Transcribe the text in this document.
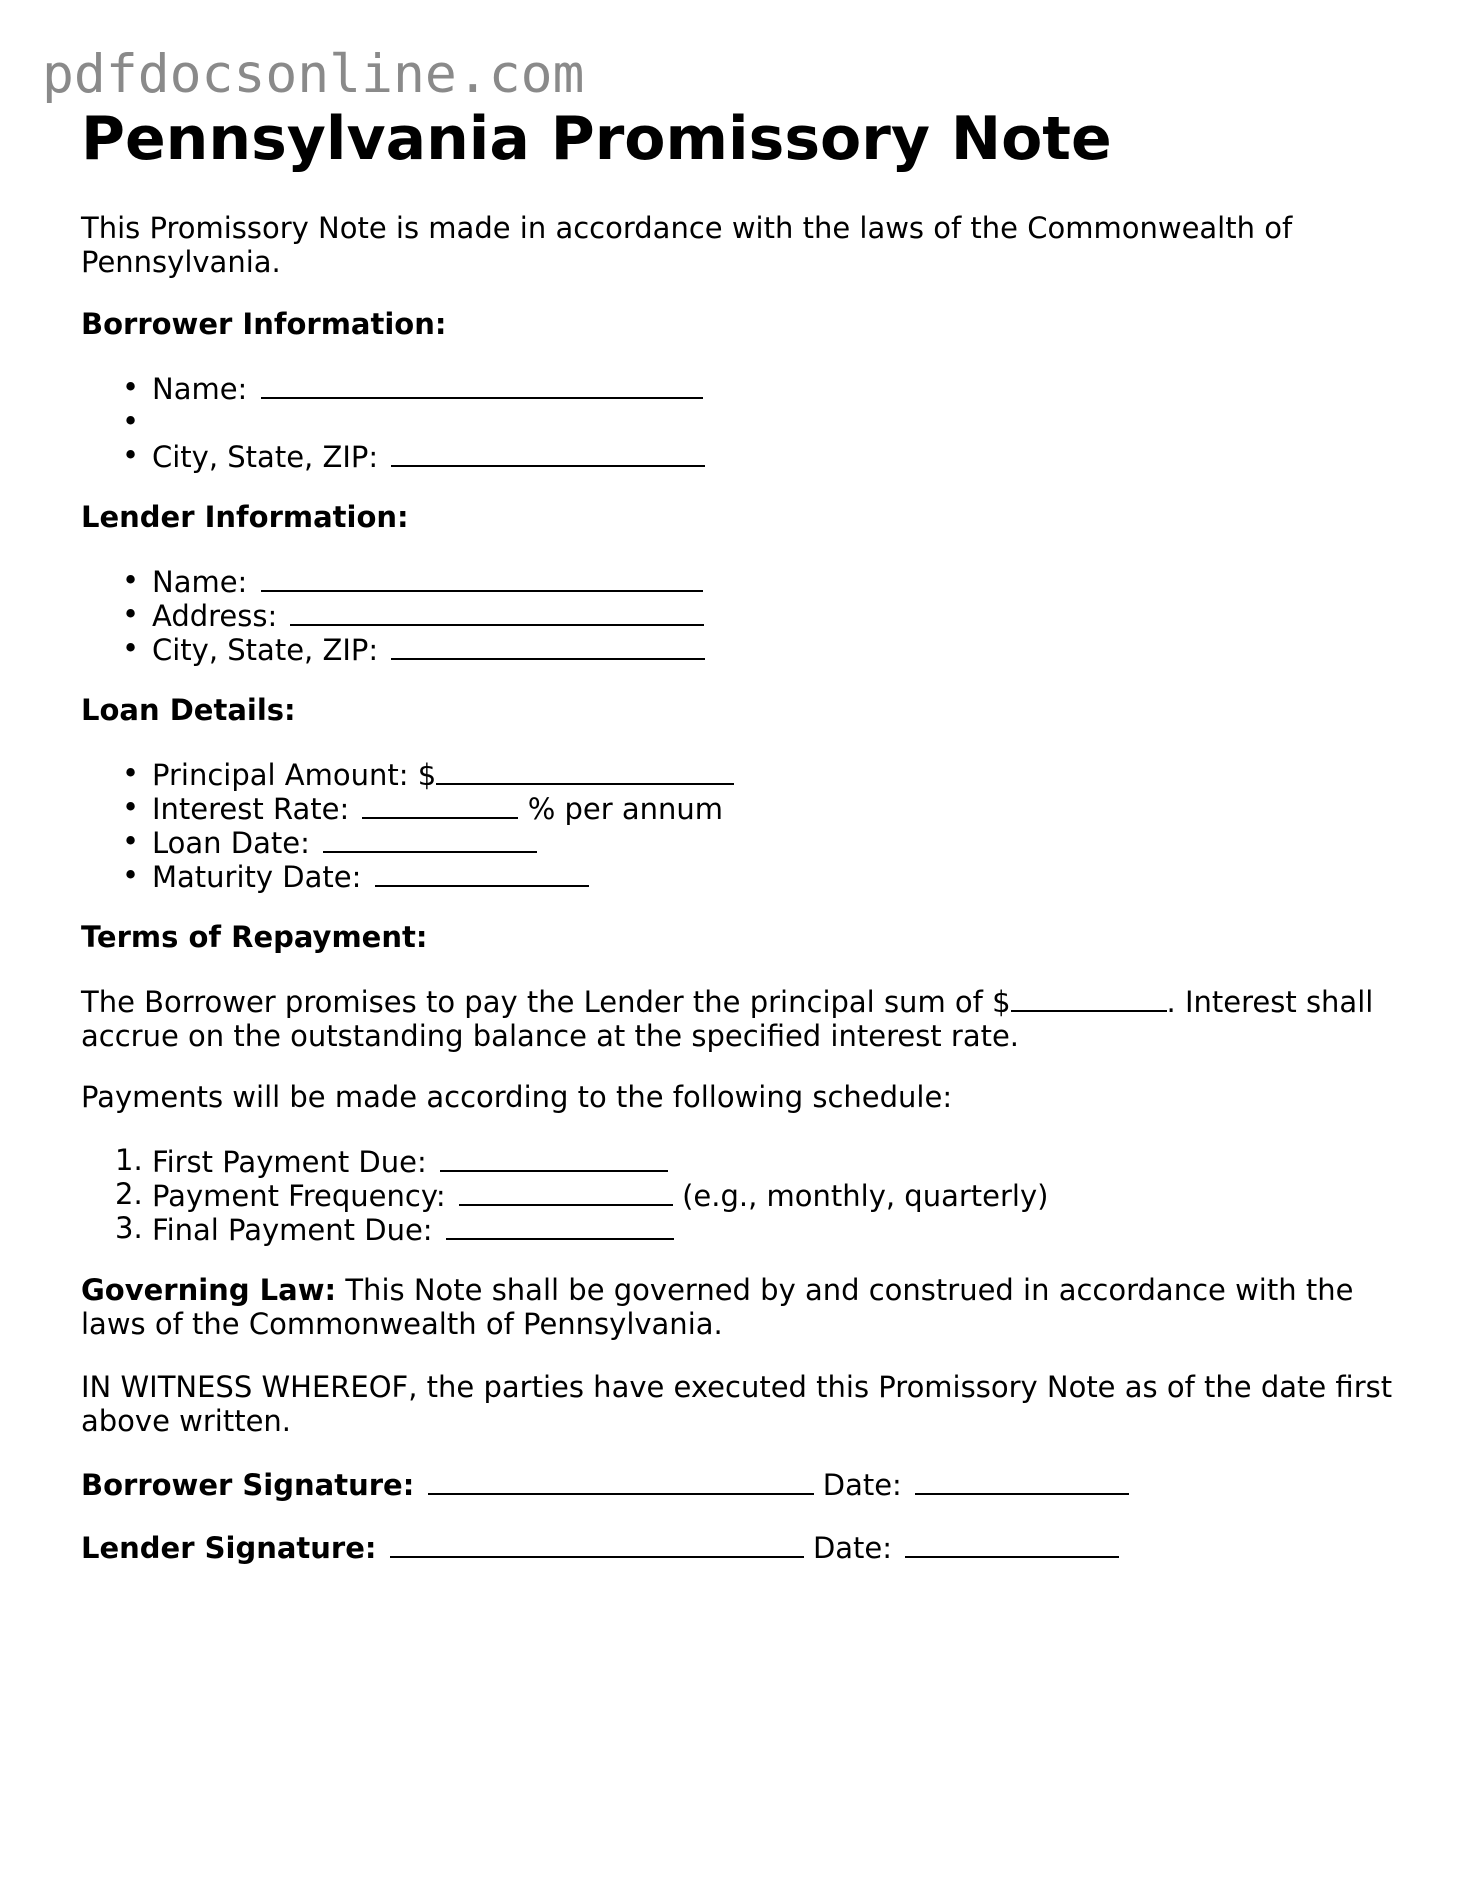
pdfdocsonline.com
Pennsylvania Promissory Note
This Promissory Note is made in accordance with the laws of the Commonwealth of Pennsylvania.
Borrower Information:
• Name:
•
• City, State, ZIP:
Lender Information:
• Name:
• Address:
• City, State, ZIP:
Loan Details:
• Principal Amount: $
• Interest Rate:	% per annum
• Loan Date:
• Maturity Date:
Terms of Repayment:
The Borrower promises to pay the Lender the principal sum of $	. Interest shall accrue on the outstanding balance at the specified interest rate.
Payments will be made according to the following schedule:
1. First Payment Due:
2. Payment Frequency:	(e.g., monthly, quarterly)
3. Final Payment Due:
Governing Law: This Note shall be governed by and construed in accordance with the laws of the Commonwealth of Pennsylvania.
IN WITNESS WHEREOF, the parties have executed this Promissory Note as of the date first above written.
Borrower Signature:	Date:
Lender Signature:	Date:
